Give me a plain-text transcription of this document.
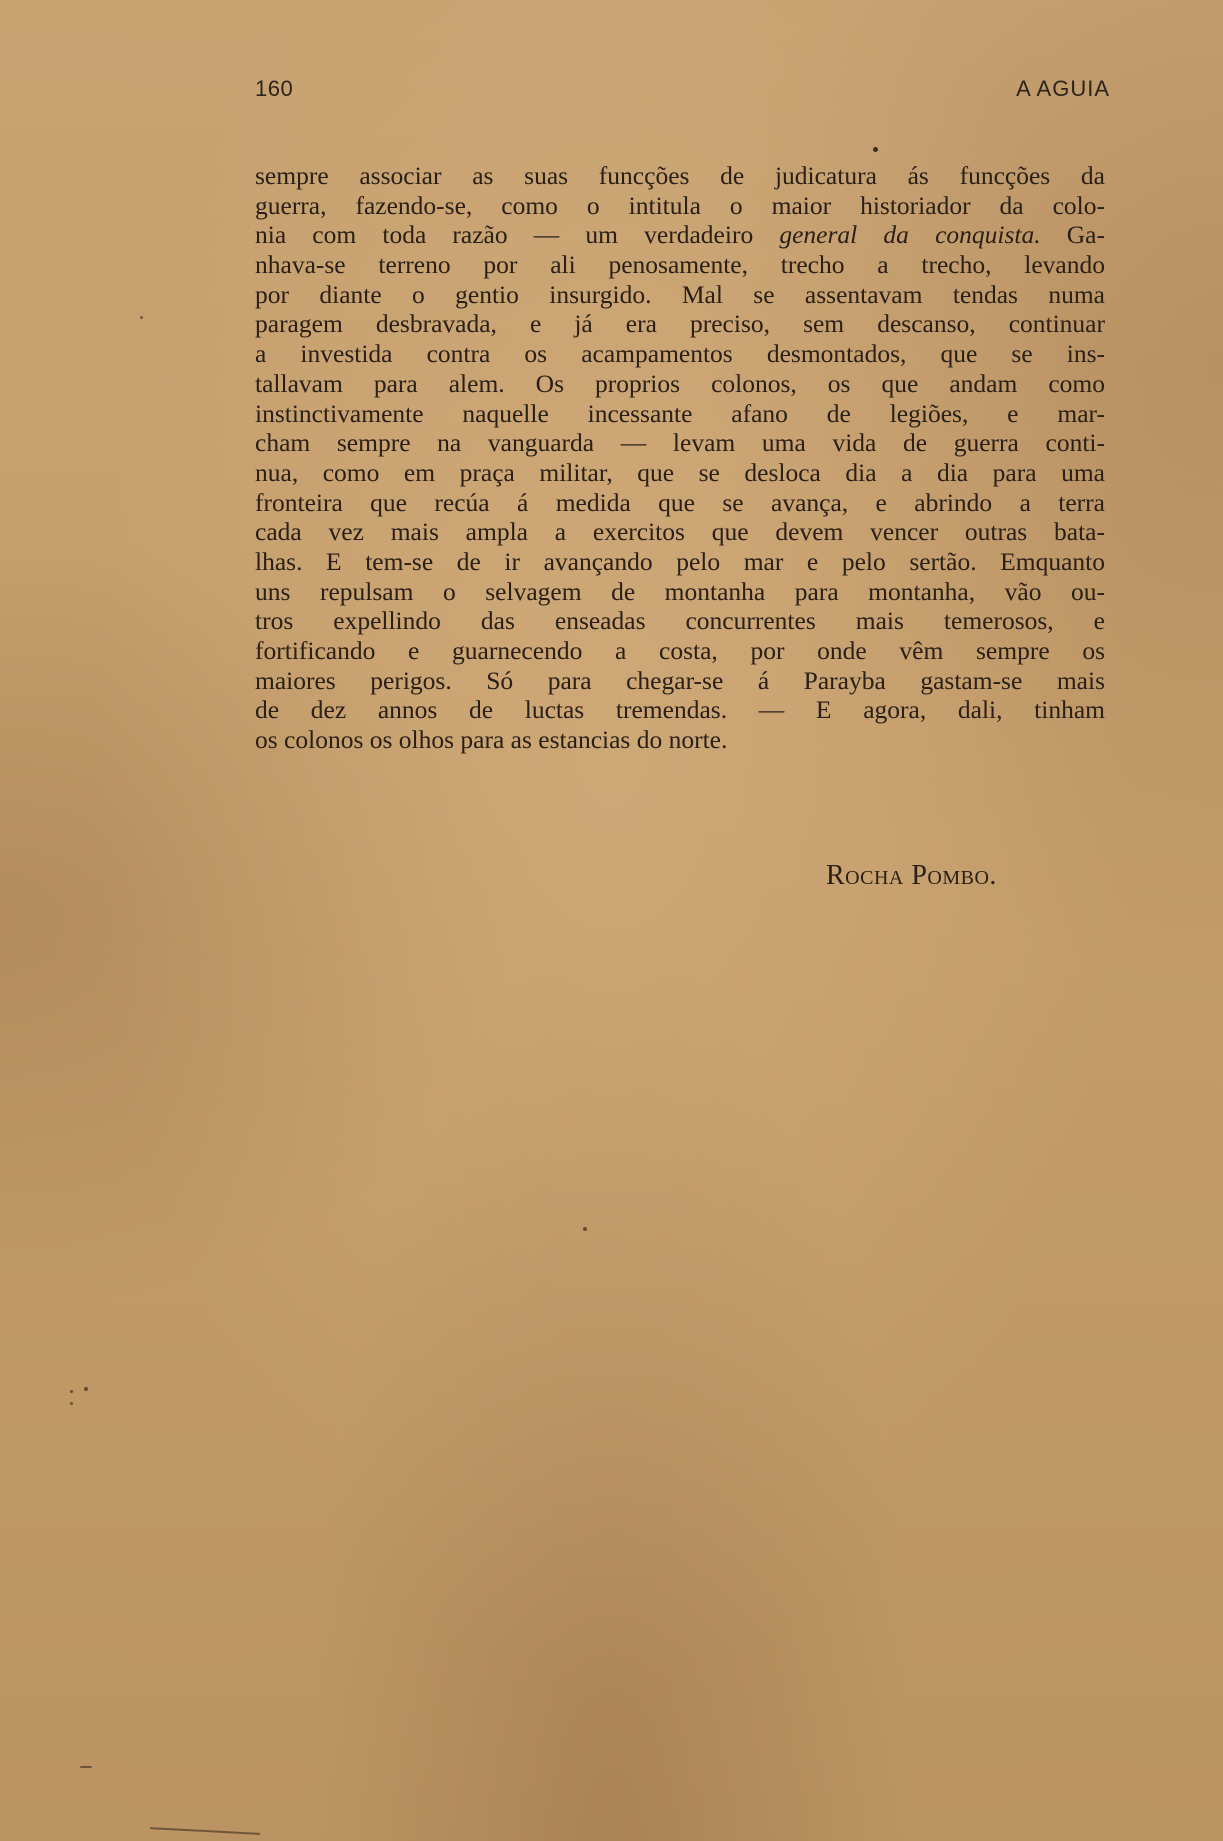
160	A AGUIA
sempre associar as suas funcções de judicatura ás funcções da
guerra, fazendo-se, como o intitula o maior historiador da colo-
nia com toda razão — um verdadeiro general da conquista. Ga-
nhava-se terreno por ali penosamente, trecho a trecho, levando
por diante o gentio insurgido. Mal se assentavam tendas numa
paragem desbravada, e já era preciso, sem descanso, continuar
a investida contra os acampamentos desmontados, que se ins-
tallavam para alem. Os proprios colonos, os que andam como
instinctivamente naquelle incessante afano de legiões, e mar-
cham sempre na vanguarda — levam uma vida de guerra conti-
nua, como em praça militar, que se desloca dia a dia para uma
fronteira que recúa á medida que se avança, e abrindo a terra
cada vez mais ampla a exercitos que devem vencer outras bata-
lhas. E tem-se de ir avançando pelo mar e pelo sertão. Emquanto
uns repulsam o selvagem de montanha para montanha, vão ou-
tros expellindo das enseadas concurrentes mais temerosos, e
fortificando e guarnecendo a costa, por onde vêm sempre os
maiores perigos. Só para chegar-se á Parayba gastam-se mais
de dez annos de luctas tremendas. — E agora, dali, tinham
os colonos os olhos para as estancias do norte.
Rocha Pombo.
